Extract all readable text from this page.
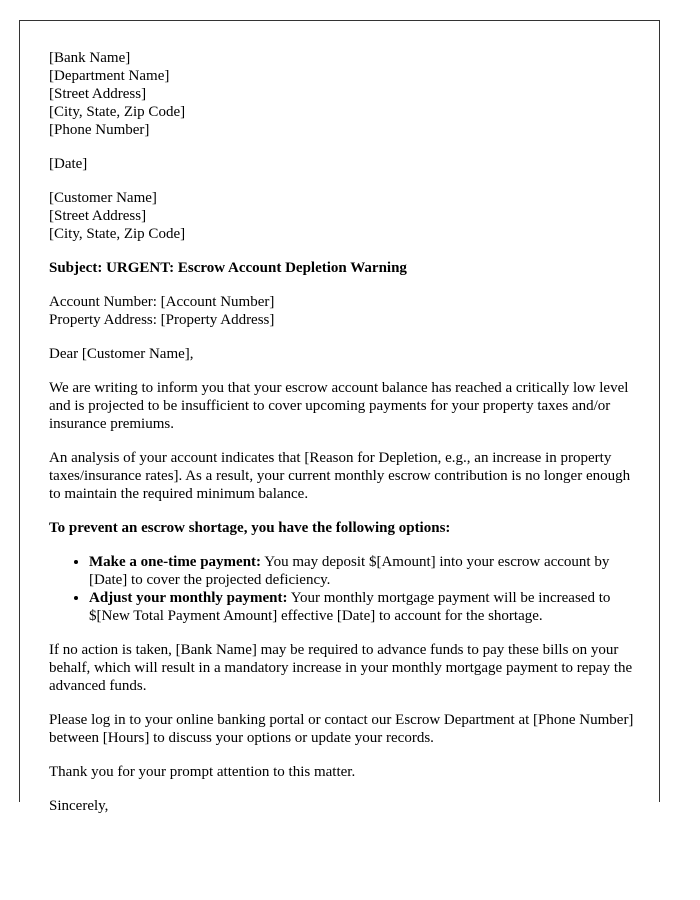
[Bank Name]
[Department Name]
[Street Address]
[City, State, Zip Code]
[Phone Number]
[Date]
[Customer Name]
[Street Address]
[City, State, Zip Code]

Subject: URGENT: Escrow Account Depletion Warning

Account Number: [Account Number]
Property Address: [Property Address]

Dear [Customer Name],

We are writing to inform you that your escrow account balance has reached a critically low level and is projected to be insufficient to cover upcoming payments for your property taxes and/or insurance premiums.

An analysis of your account indicates that [Reason for Depletion, e.g., an increase in property taxes/insurance rates]. As a result, your current monthly escrow contribution is no longer enough to maintain the required minimum balance.

To prevent an escrow shortage, you have the following options:

• Make a one-time payment: You may deposit $[Amount] into your escrow account by [Date] to cover the projected deficiency.
• Adjust your monthly payment: Your monthly mortgage payment will be increased to $[New Total Payment Amount] effective [Date] to account for the shortage.

If no action is taken, [Bank Name] may be required to advance funds to pay these bills on your behalf, which will result in a mandatory increase in your monthly mortgage payment to repay the advanced funds.

Please log in to your online banking portal or contact our Escrow Department at [Phone Number] between [Hours] to discuss your options or update your records.

Thank you for your prompt attention to this matter.

Sincerely,
